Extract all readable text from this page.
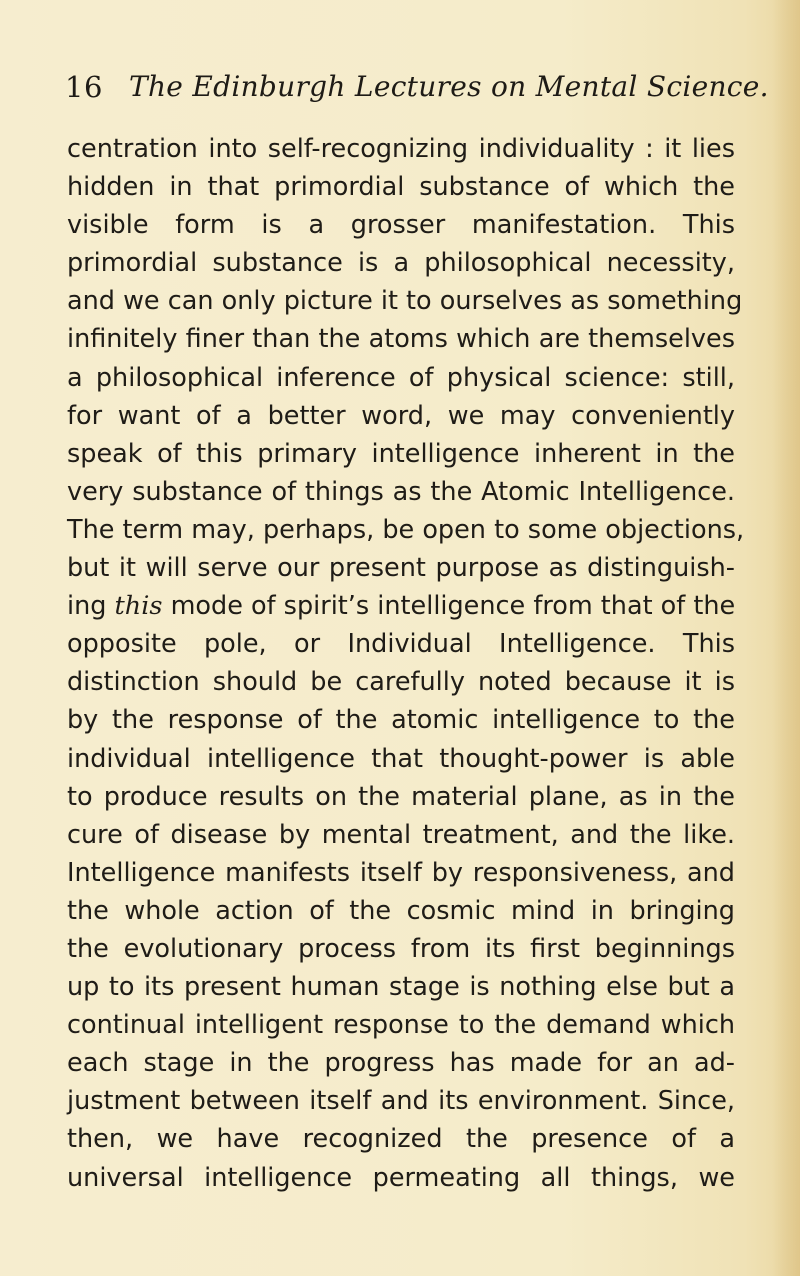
16 The Edinburgh Lectures on Mental Science.
centration into self-recognizing individuality : it lies
hidden in that primordial substance of which the
visible form is a grosser manifestation. This
primordial substance is a philosophical necessity,
and we can only picture it to ourselves as something
infinitely finer than the atoms which are themselves
a philosophical inference of physical science: still,
for want of a better word, we may conveniently
speak of this primary intelligence inherent in the
very substance of things as the Atomic Intelligence.
The term may, perhaps, be open to some objections,
but it will serve our present purpose as distinguish-
ing this mode of spirit’s intelligence from that of the
opposite pole, or Individual Intelligence. This
distinction should be carefully noted because it is
by the response of the atomic intelligence to the
individual intelligence that thought-power is able
to produce results on the material plane, as in the
cure of disease by mental treatment, and the like.
Intelligence manifests itself by responsiveness, and
the whole action of the cosmic mind in bringing
the evolutionary process from its first beginnings
up to its present human stage is nothing else but a
continual intelligent response to the demand which
each stage in the progress has made for an ad-
justment between itself and its environment. Since,
then, we have recognized the presence of a
universal intelligence permeating all things, we
